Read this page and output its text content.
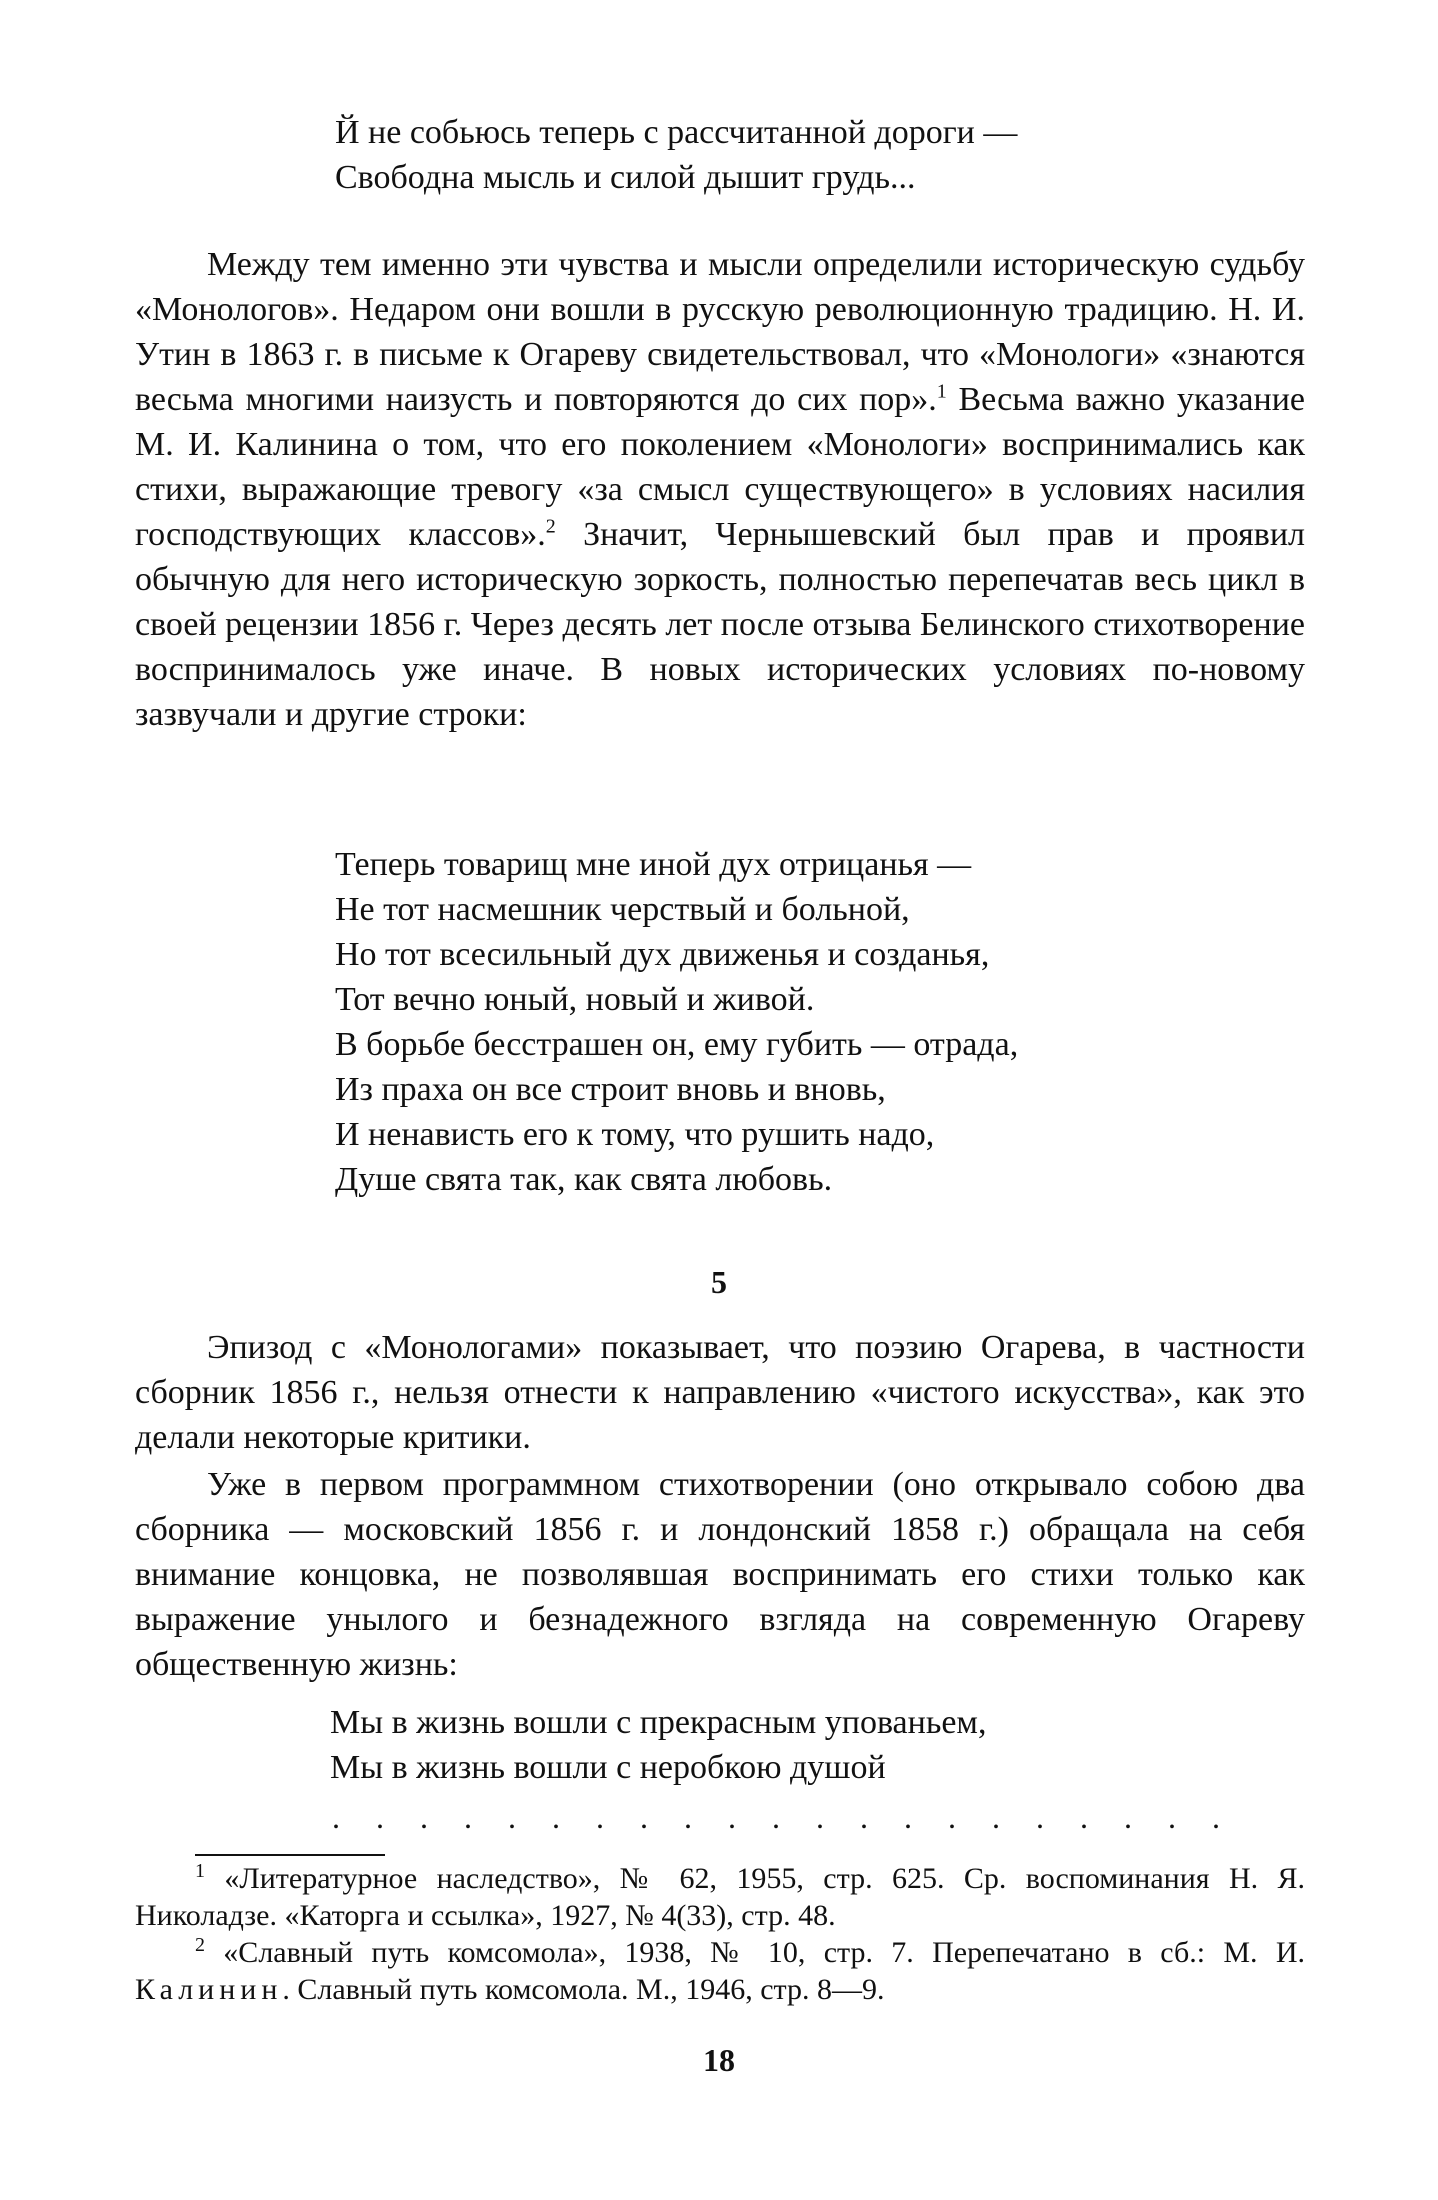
Й не собьюсь теперь с рассчитанной дороги —
Свободна мысль и силой дышит грудь...

Между тем именно эти чувства и мысли определили историческую судьбу «Монологов». Недаром они вошли в русскую революционную традицию. Н. И. Утин в 1863 г. в письме к Огареву свидетельствовал, что «Монологи» «знаются весьма многими наизусть и повторяются до сих пор».$^1$ Весьма важно указание М. И. Калинина о том, что его поколением «Монологи» воспринимались как стихи, выражающие тревогу «за смысл существующего» в условиях насилия господствующих классов».$^2$ Значит, Чернышевский был прав и проявил обычную для него историческую зоркость, полностью перепечатав весь цикл в своей рецензии 1856 г. Через десять лет после отзыва Белинского стихотворение воспринималось уже иначе. В новых исторических условиях по-новому зазвучали и другие строки:

Теперь товарищ мне иной дух отрицанья —
Не тот насмешник черствый и больной,
Но тот всесильный дух движенья и созданья,
Тот вечно юный, новый и живой.
В борьбе бесстрашен он, ему губить — отрада,
Из праха он все строит вновь и вновь,
И ненависть его к тому, что рушить надо,
Душе свята так, как свята любовь.
5

Эпизод с «Монологами» показывает, что поэзию Огарева, в частности сборник 1856 г., нельзя отнести к направлению «чистого искусства», как это делали некоторые критики.

Уже в первом программном стихотворении (оно открывало собою два сборника — московский 1856 г. и лондонский 1858 г.) обращала на себя внимание концовка, не позволявшая воспринимать его стихи только как выражение унылого и безнадежного взгляда на современную Огареву общественную жизнь:

Мы в жизнь вошли с прекрасным упованьем,
Мы в жизнь вошли с неробкою душой
. . . . . . . . . . . . . . . . . . . . .

$^1$ «Литературное наследство», № 62, 1955, стр. 625. Ср. воспоминания Н. Я. Николадзе. «Каторга и ссылка», 1927, № 4(33), стр. 48.

$^2$ «Славный путь комсомола», 1938, № 10, стр. 7. Перепечатано в сб.: М. И. Калинин. Славный путь комсомола. М., 1946, стр. 8—9.

18
